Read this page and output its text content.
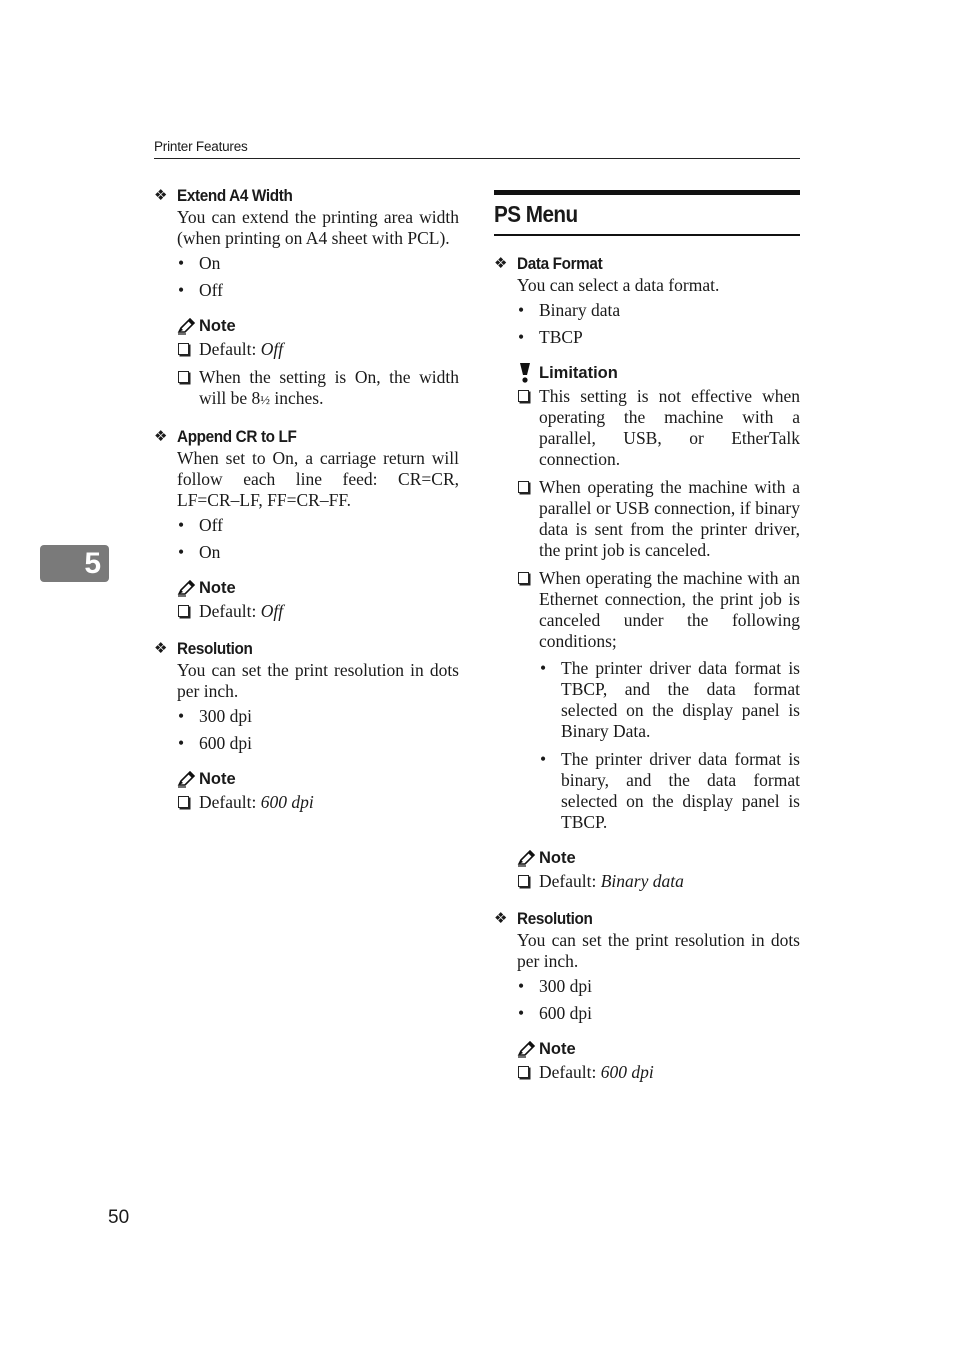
Printer Features
5
❖ Extend A4 Width
You can extend the printing area width (when printing on A4 sheet with PCL).
• On
• Off
Note
Default: Off
When the setting is On, the width will be 8½ inches.
❖ Append CR to LF
When set to On, a carriage return will follow each line feed: CR=CR, LF=CR–LF, FF=CR–FF.
• Off
• On
Note
Default: Off
❖ Resolution
You can set the print resolution in dots per inch.
• 300 dpi
• 600 dpi
Note
Default: 600 dpi
PS Menu
❖ Data Format
You can select a data format.
• Binary data
• TBCP
Limitation
This setting is not effective when operating the machine with a parallel, USB, or EtherTalk connection.
When operating the machine with a parallel or USB connection, if binary data is sent from the printer driver, the print job is canceled.
When operating the machine with an Ethernet connection, the print job is canceled under the following conditions;
• The printer driver data format is TBCP, and the data format selected on the display panel is Binary Data.
• The printer driver data format is binary, and the data format selected on the display panel is TBCP.
Note
Default: Binary data
❖ Resolution
You can set the print resolution in dots per inch.
• 300 dpi
• 600 dpi
Note
Default: 600 dpi
50
